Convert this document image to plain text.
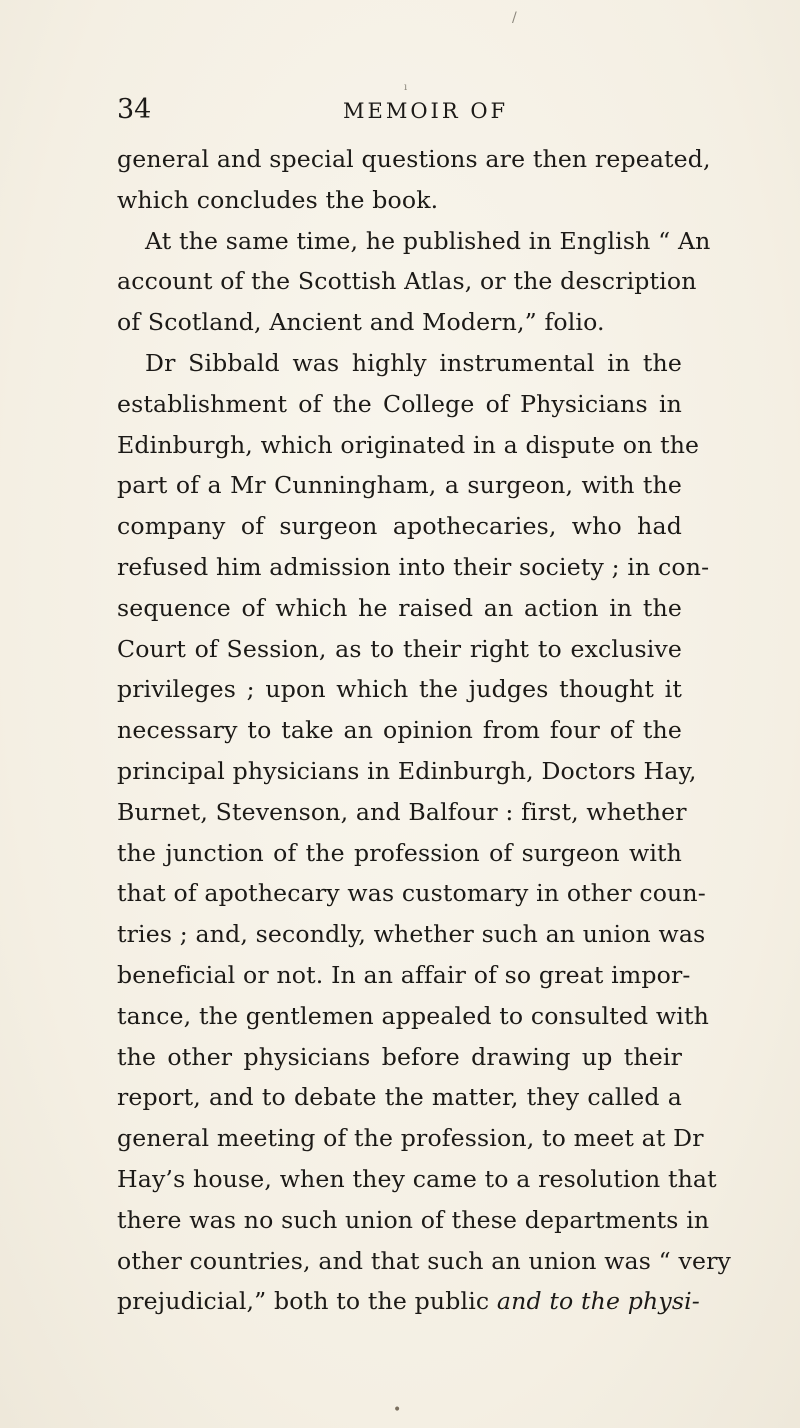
/
ı
34	MEMOIR OF
general and special questions are then repeated,
which concludes the book.
At the same time, he published in English “ An
account of the Scottish Atlas, or the description
of Scotland, Ancient and Modern,” folio.
Dr Sibbald was highly instrumental in the
establishment of the College of Physicians in
Edinburgh, which originated in a dispute on the
part of a Mr Cunningham, a surgeon, with the
company of surgeon apothecaries, who had
refused him admission into their society ; in con-
sequence of which he raised an action in the
Court of Session, as to their right to exclusive
privileges ; upon which the judges thought it
necessary to take an opinion from four of the
principal physicians in Edinburgh, Doctors Hay,
Burnet, Stevenson, and Balfour : first, whether
the junction of the profession of surgeon with
that of apothecary was customary in other coun-
tries ; and, secondly, whether such an union was
beneficial or not. In an affair of so great impor-
tance, the gentlemen appealed to consulted with
the other physicians before drawing up their
report, and to debate the matter, they called a
general meeting of the profession, to meet at Dr
Hay’s house, when they came to a resolution that
there was no such union of these departments in
other countries, and that such an union was “ very
prejudicial,” both to the public and to the physi-
•
